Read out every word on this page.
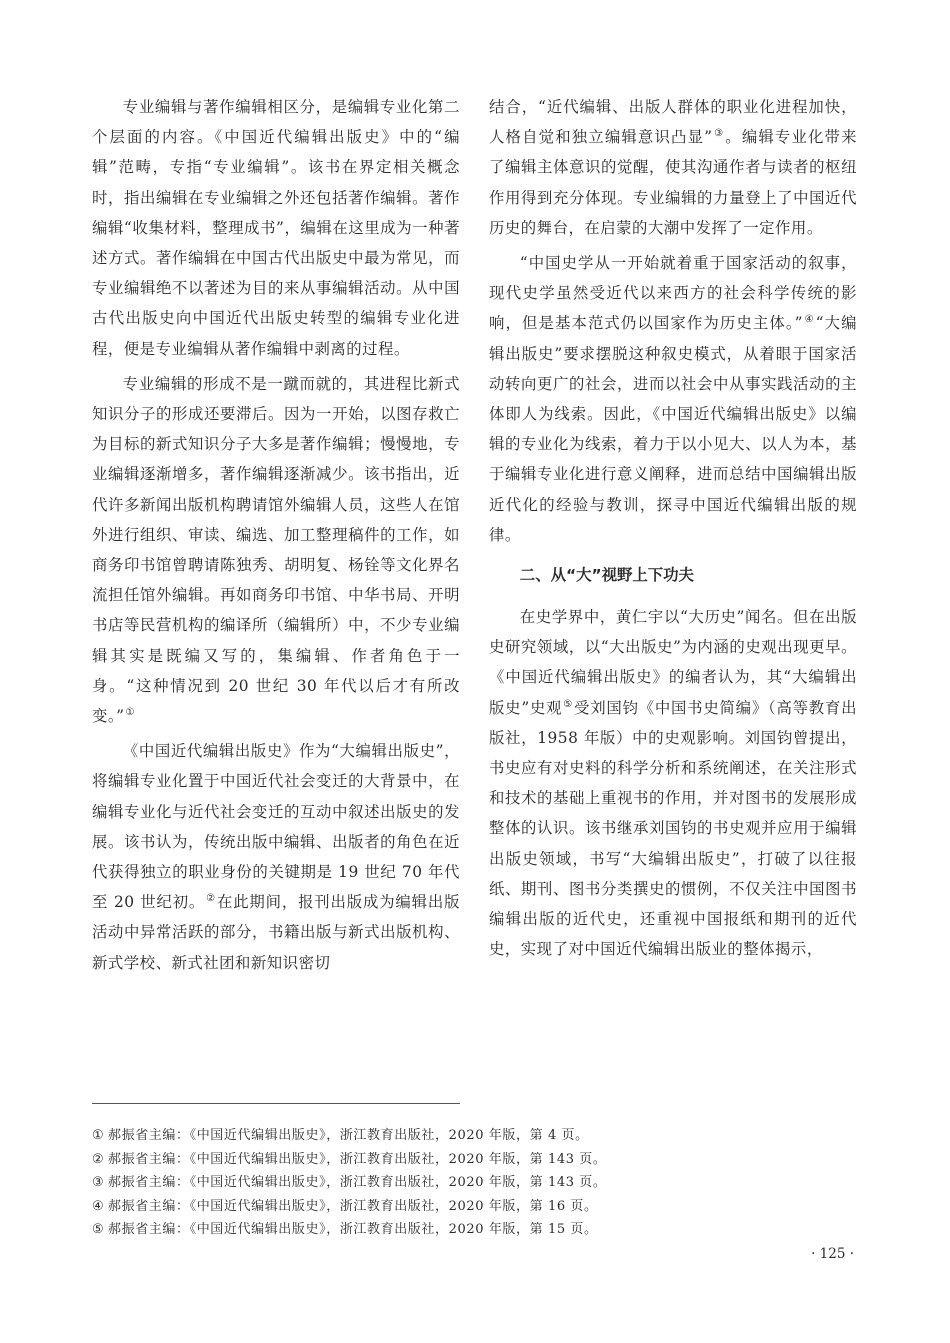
专业编辑与著作编辑相区分，是编辑专业化第二个层面的内容。《中国近代编辑出版史》中的“编辑”范畴，专指“专业编辑”。该书在界定相关概念时，指出编辑在专业编辑之外还包括著作编辑。著作编辑“收集材料，整理成书”，编辑在这里成为一种著述方式。著作编辑在中国古代出版史中最为常见，而专业编辑绝不以著述为目的来从事编辑活动。从中国古代出版史向中国近代出版史转型的编辑专业化进程，便是专业编辑从著作编辑中剥离的过程。

专业编辑的形成不是一蹴而就的，其进程比新式知识分子的形成还要滞后。因为一开始，以图存救亡为目标的新式知识分子大多是著作编辑；慢慢地，专业编辑逐渐增多，著作编辑逐渐减少。该书指出，近代许多新闻出版机构聘请馆外编辑人员，这些人在馆外进行组织、审读、编选、加工整理稿件的工作，如商务印书馆曾聘请陈独秀、胡明复、杨铨等文化界名流担任馆外编辑。再如商务印书馆、中华书局、开明书店等民营机构的编译所（编辑所）中，不少专业编辑其实是既编又写的，集编辑、作者角色于一身。“这种情况到 20 世纪 30 年代以后才有所改变。”①

《中国近代编辑出版史》作为“大编辑出版史”，将编辑专业化置于中国近代社会变迁的大背景中，在编辑专业化与近代社会变迁的互动中叙述出版史的发展。该书认为，传统出版中编辑、出版者的角色在近代获得独立的职业身份的关键期是 19 世纪 70 年代至 20 世纪初。②在此期间，报刊出版成为编辑出版活动中异常活跃的部分，书籍出版与新式出版机构、新式学校、新式社团和新知识密切

结合，“近代编辑、出版人群体的职业化进程加快，人格自觉和独立编辑意识凸显”③。编辑专业化带来了编辑主体意识的觉醒，使其沟通作者与读者的枢纽作用得到充分体现。专业编辑的力量登上了中国近代历史的舞台，在启蒙的大潮中发挥了一定作用。

“中国史学从一开始就着重于国家活动的叙事，现代史学虽然受近代以来西方的社会科学传统的影响，但是基本范式仍以国家作为历史主体。”④“大编辑出版史”要求摆脱这种叙史模式，从着眼于国家活动转向更广的社会，进而以社会中从事实践活动的主体即人为线索。因此，《中国近代编辑出版史》以编辑的专业化为线索，着力于以小见大、以人为本，基于编辑专业化进行意义阐释，进而总结中国编辑出版近代化的经验与教训，探寻中国近代编辑出版的规律。

二、从“大”视野上下功夫

在史学界中，黄仁宇以“大历史”闻名。但在出版史研究领域，以“大出版史”为内涵的史观出现更早。《中国近代编辑出版史》的编者认为，其“大编辑出版史”史观⑤受刘国钧《中国书史简编》（高等教育出版社，1958 年版）中的史观影响。刘国钧曾提出，书史应有对史料的科学分析和系统阐述，在关注形式和技术的基础上重视书的作用，并对图书的发展形成整体的认识。该书继承刘国钧的书史观并应用于编辑出版史领域，书写“大编辑出版史”，打破了以往报纸、期刊、图书分类撰史的惯例，不仅关注中国图书编辑出版的近代史，还重视中国报纸和期刊的近代史，实现了对中国近代编辑出版业的整体揭示，

① 郝振省主编：《中国近代编辑出版史》，浙江教育出版社，2020 年版，第 4 页。
② 郝振省主编：《中国近代编辑出版史》，浙江教育出版社，2020 年版，第 143 页。
③ 郝振省主编：《中国近代编辑出版史》，浙江教育出版社，2020 年版，第 143 页。
④ 郝振省主编：《中国近代编辑出版史》，浙江教育出版社，2020 年版，第 16 页。
⑤ 郝振省主编：《中国近代编辑出版史》，浙江教育出版社，2020 年版，第 15 页。
· 125 ·
